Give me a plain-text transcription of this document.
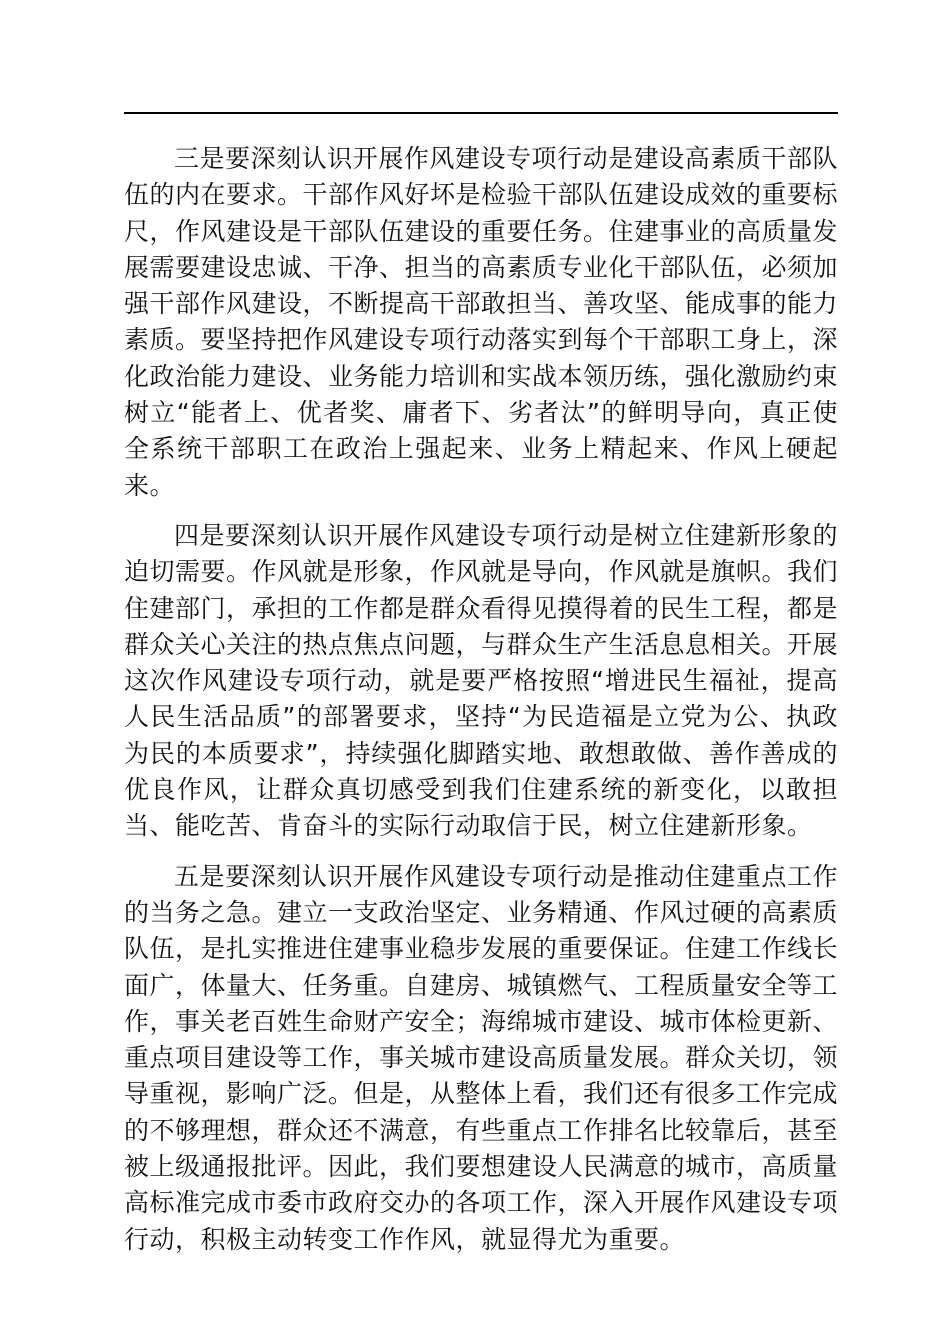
三是要深刻认识开展作风建设专项行动是建设高素质干部队伍的内在要求。干部作风好坏是检验干部队伍建设成效的重要标尺，作风建设是干部队伍建设的重要任务。住建事业的高质量发展需要建设忠诚、干净、担当的高素质专业化干部队伍，必须加强干部作风建设，不断提高干部敢担当、善攻坚、能成事的能力素质。要坚持把作风建设专项行动落实到每个干部职工身上，深化政治能力建设、业务能力培训和实战本领历练，强化激励约束树立“能者上、优者奖、庸者下、劣者汰”的鲜明导向，真正使全系统干部职工在政治上强起来、业务上精起来、作风上硬起来。

四是要深刻认识开展作风建设专项行动是树立住建新形象的迫切需要。作风就是形象，作风就是导向，作风就是旗帜。我们住建部门，承担的工作都是群众看得见摸得着的民生工程，都是群众关心关注的热点焦点问题，与群众生产生活息息相关。开展这次作风建设专项行动，就是要严格按照“增进民生福祉，提高人民生活品质”的部署要求，坚持“为民造福是立党为公、执政为民的本质要求”，持续强化脚踏实地、敢想敢做、善作善成的优良作风，让群众真切感受到我们住建系统的新变化，以敢担当、能吃苦、肯奋斗的实际行动取信于民，树立住建新形象。

五是要深刻认识开展作风建设专项行动是推动住建重点工作的当务之急。建立一支政治坚定、业务精通、作风过硬的高素质队伍，是扎实推进住建事业稳步发展的重要保证。住建工作线长面广，体量大、任务重。自建房、城镇燃气、工程质量安全等工作，事关老百姓生命财产安全；海绵城市建设、城市体检更新、重点项目建设等工作，事关城市建设高质量发展。群众关切，领导重视，影响广泛。但是，从整体上看，我们还有很多工作完成的不够理想，群众还不满意，有些重点工作排名比较靠后，甚至被上级通报批评。因此，我们要想建设人民满意的城市，高质量高标准完成市委市政府交办的各项工作，深入开展作风建设专项行动，积极主动转变工作作风，就显得尤为重要。
